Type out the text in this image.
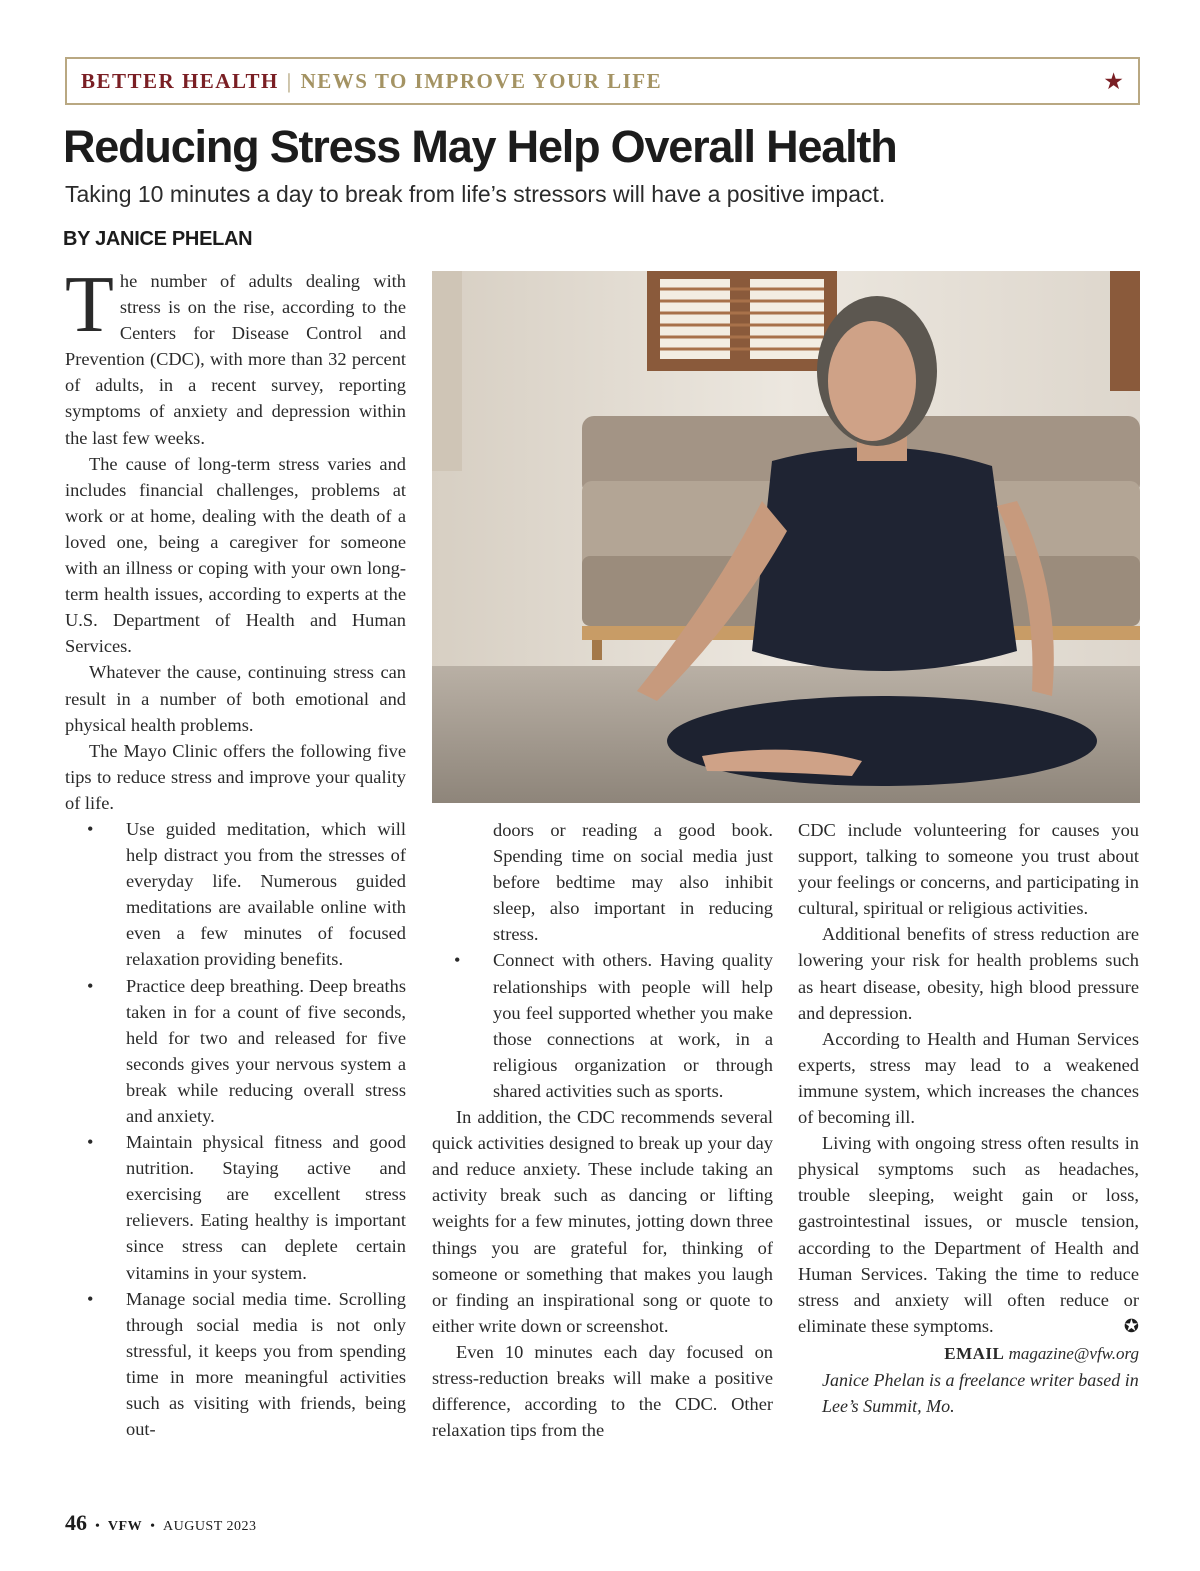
BETTER HEALTH | NEWS TO IMPROVE YOUR LIFE	★
Reducing Stress May Help Overall Health
Taking 10 minutes a day to break from life’s stressors will have a positive impact.
BY JANICE PHELAN

The number of adults dealing with stress is on the rise, according to the Centers for Disease Control and Prevention (CDC), with more than 32 percent of adults, in a recent survey, reporting symptoms of anxiety and depression within the last few weeks.

The cause of long-term stress varies and includes financial challenges, problems at work or at home, dealing with the death of a loved one, being a caregiver for someone with an illness or coping with your own long-term health issues, according to experts at the U.S. Department of Health and Human Services.

Whatever the cause, continuing stress can result in a number of both emotional and physical health problems.

The Mayo Clinic offers the following five tips to reduce stress and improve your quality of life.

• Use guided meditation, which will help distract you from the stresses of everyday life. Numerous guided meditations are available online with even a few minutes of focused relaxation providing benefits.
• Practice deep breathing. Deep breaths taken in for a count of five seconds, held for two and released for five seconds gives your nervous system a break while reducing overall stress and anxiety.
• Maintain physical fitness and good nutrition. Staying active and exercising are excellent stress relievers. Eating healthy is important since stress can deplete certain vitamins in your system.
• Manage social media time. Scrolling through social media is not only stressful, it keeps you from spending time in more meaningful activities such as visiting with friends, being out-

doors or reading a good book. Spending time on social media just before bedtime may also inhibit sleep, also important in reducing stress.

• Connect with others. Having quality relationships with people will help you feel supported whether you make those connections at work, in a religious organization or through shared activities such as sports.

In addition, the CDC recommends several quick activities designed to break up your day and reduce anxiety. These include taking an activity break such as dancing or lifting weights for a few minutes, jotting down three things you are grateful for, thinking of someone or something that makes you laugh or finding an inspirational song or quote to either write down or screenshot.

Even 10 minutes each day focused on stress-reduction breaks will make a positive difference, according to the CDC. Other relaxation tips from the

CDC include volunteering for causes you support, talking to someone you trust about your feelings or concerns, and participating in cultural, spiritual or religious activities.

Additional benefits of stress reduction are lowering your risk for health problems such as heart disease, obesity, high blood pressure and depression.

According to Health and Human Services experts, stress may lead to a weakened immune system, which increases the chances of becoming ill.

Living with ongoing stress often results in physical symptoms such as headaches, trouble sleeping, weight gain or loss, gastrointestinal issues, or muscle tension, according to the Department of Health and Human Services. Taking the time to reduce stress and anxiety will often reduce or eliminate these symptoms.	✪

EMAIL magazine@vfw.org

Janice Phelan is a freelance writer based in Lee’s Summit, Mo.

46 • VFW • AUGUST 2023
